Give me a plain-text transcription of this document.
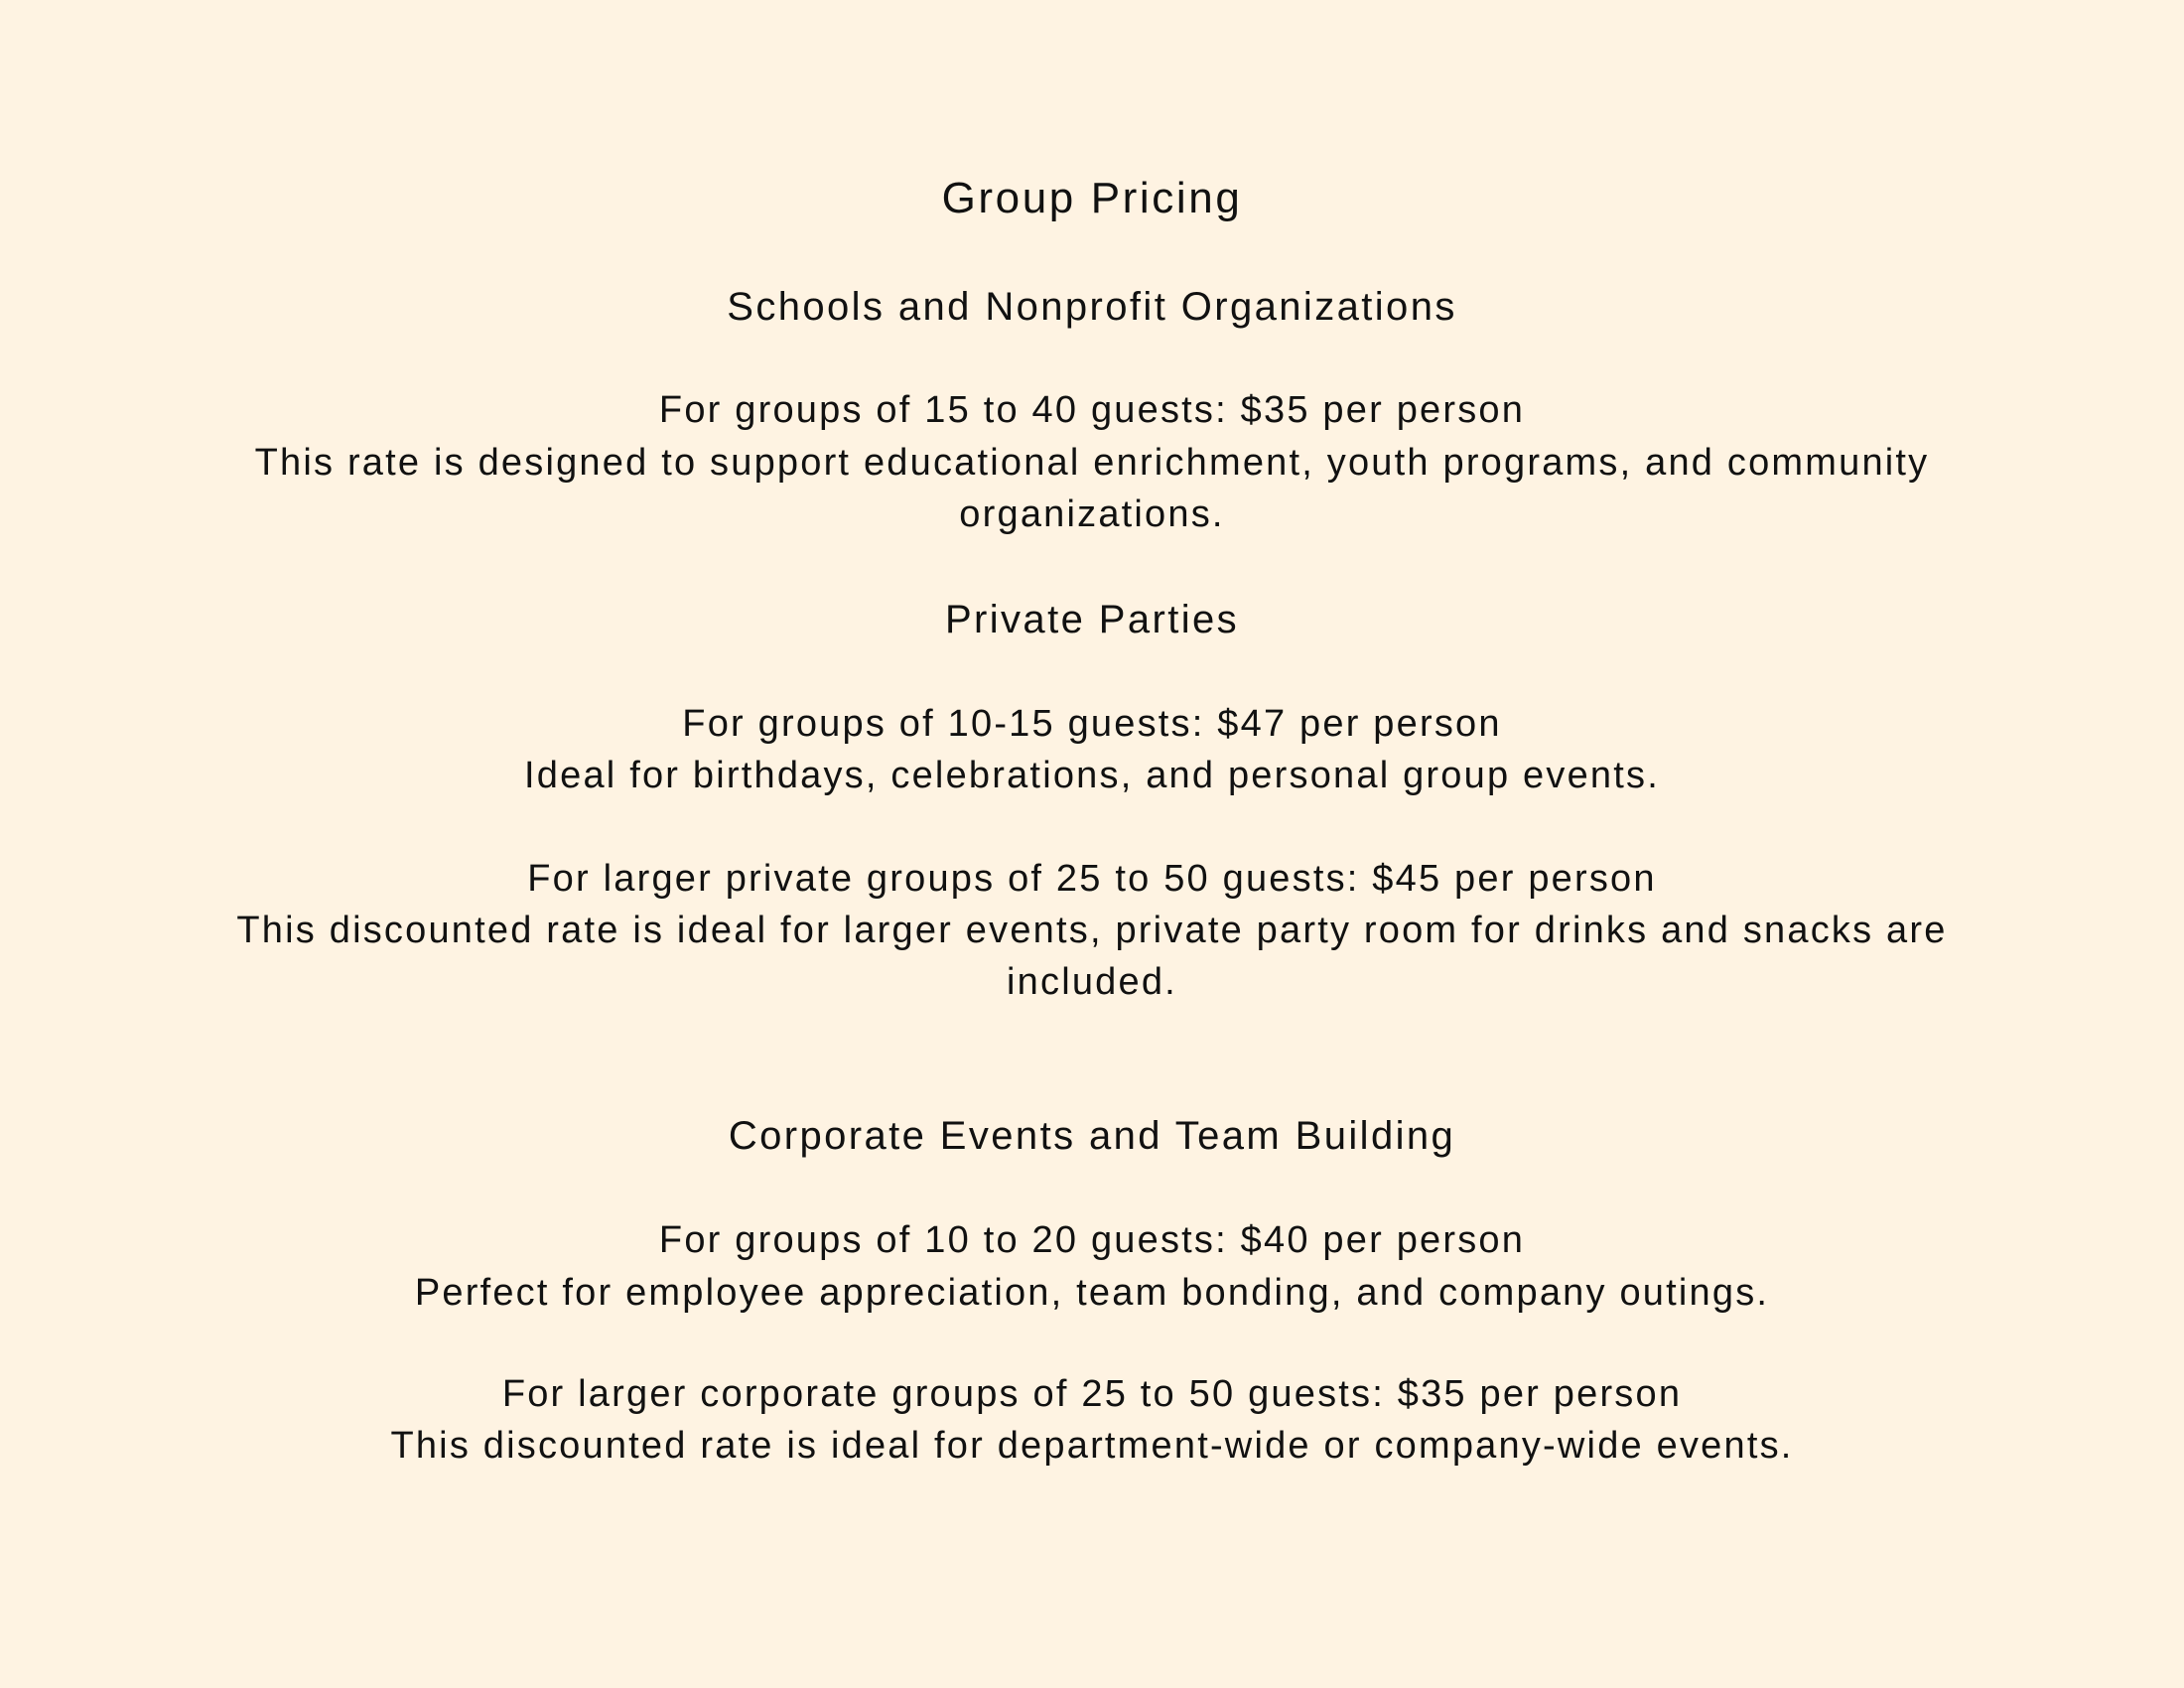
Group Pricing
Schools and Nonprofit Organizations
For groups of 15 to 40 guests: $35 per person
This rate is designed to support educational enrichment, youth programs, and community
organizations.
Private Parties
For groups of 10-15 guests: $47 per person
Ideal for birthdays, celebrations, and personal group events.
For larger private groups of 25 to 50 guests: $45 per person
This discounted rate is ideal for larger events, private party room for drinks and snacks are
included.
Corporate Events and Team Building
For groups of 10 to 20 guests: $40 per person
Perfect for employee appreciation, team bonding, and company outings.
For larger corporate groups of 25 to 50 guests: $35 per person
This discounted rate is ideal for department-wide or company-wide events.
